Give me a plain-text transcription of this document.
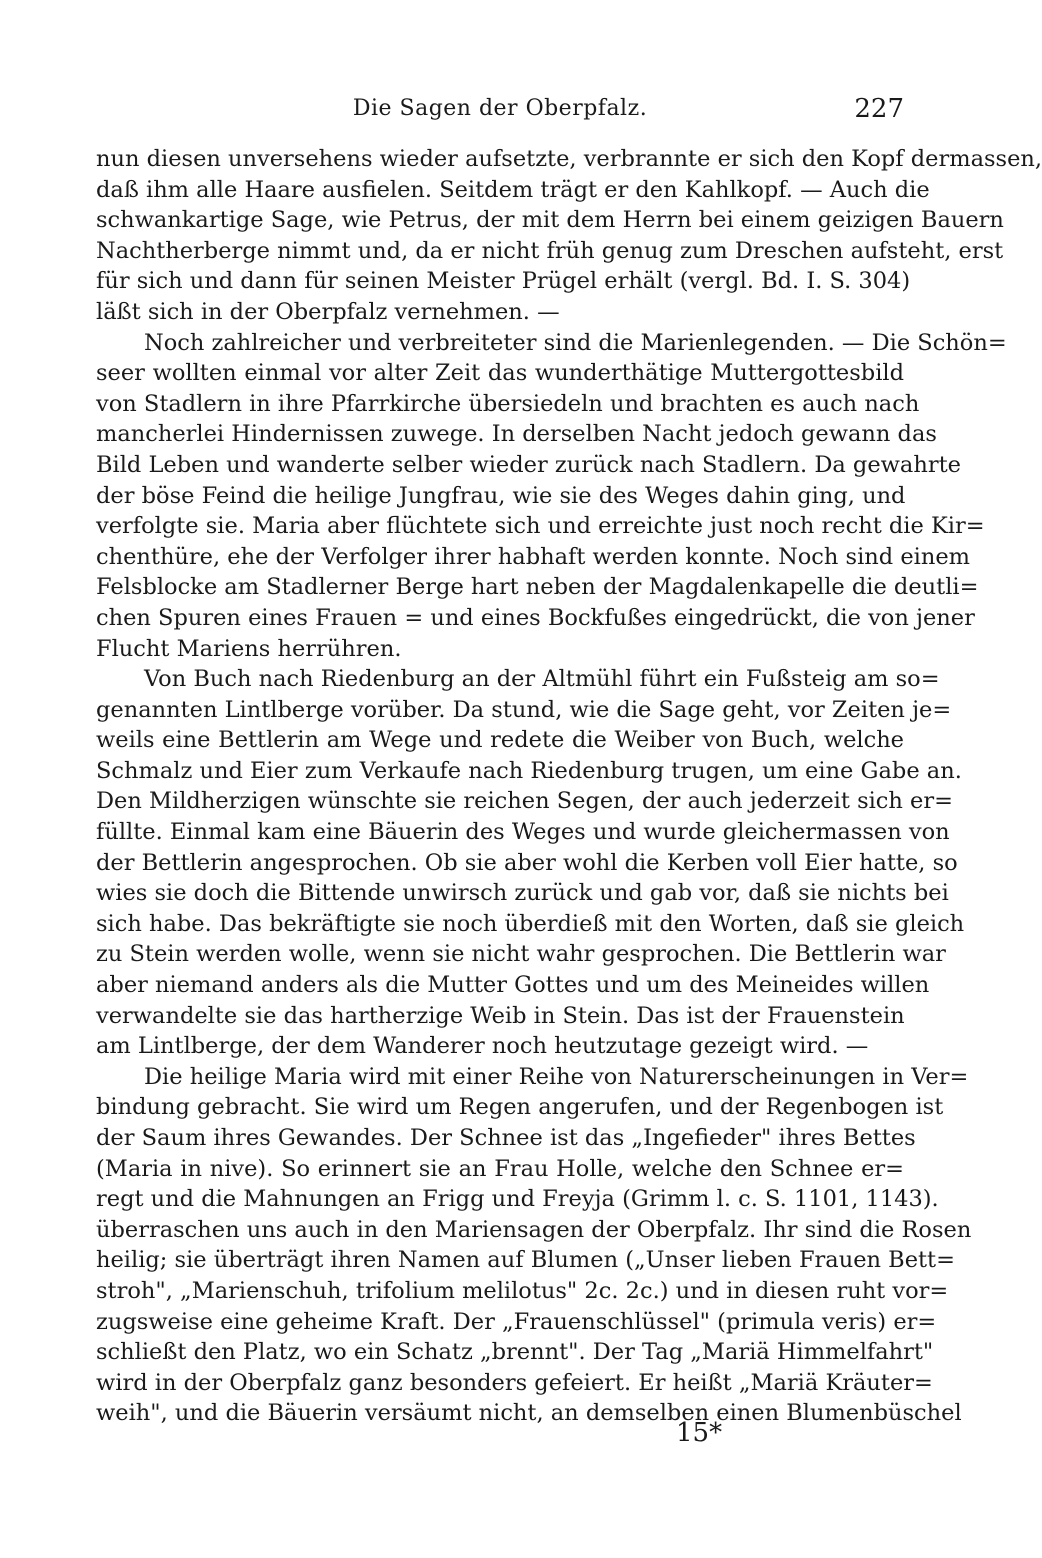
Die Sagen der Oberpfalz.	227
nun diesen unversehens wieder aufsetzte, verbrannte er sich den Kopf dermassen,
daß ihm alle Haare ausfielen. Seitdem trägt er den Kahlkopf. — Auch die
schwankartige Sage, wie Petrus, der mit dem Herrn bei einem geizigen Bauern
Nachtherberge nimmt und, da er nicht früh genug zum Dreschen aufsteht, erst
für sich und dann für seinen Meister Prügel erhält (vergl. Bd. I. S. 304)
läßt sich in der Oberpfalz vernehmen. —
Noch zahlreicher und verbreiteter sind die Marienlegenden. — Die Schön=
seer wollten einmal vor alter Zeit das wunderthätige Muttergottesbild
von Stadlern in ihre Pfarrkirche übersiedeln und brachten es auch nach
mancherlei Hindernissen zuwege. In derselben Nacht jedoch gewann das
Bild Leben und wanderte selber wieder zurück nach Stadlern. Da gewahrte
der böse Feind die heilige Jungfrau, wie sie des Weges dahin ging, und
verfolgte sie. Maria aber flüchtete sich und erreichte just noch recht die Kir=
chenthüre, ehe der Verfolger ihrer habhaft werden konnte. Noch sind einem
Felsblocke am Stadlerner Berge hart neben der Magdalenkapelle die deutli=
chen Spuren eines Frauen = und eines Bockfußes eingedrückt, die von jener
Flucht Mariens herrühren.
Von Buch nach Riedenburg an der Altmühl führt ein Fußsteig am so=
genannten Lintlberge vorüber. Da stund, wie die Sage geht, vor Zeiten je=
weils eine Bettlerin am Wege und redete die Weiber von Buch, welche
Schmalz und Eier zum Verkaufe nach Riedenburg trugen, um eine Gabe an.
Den Mildherzigen wünschte sie reichen Segen, der auch jederzeit sich er=
füllte. Einmal kam eine Bäuerin des Weges und wurde gleichermassen von
der Bettlerin angesprochen. Ob sie aber wohl die Kerben voll Eier hatte, so
wies sie doch die Bittende unwirsch zurück und gab vor, daß sie nichts bei
sich habe. Das bekräftigte sie noch überdieß mit den Worten, daß sie gleich
zu Stein werden wolle, wenn sie nicht wahr gesprochen. Die Bettlerin war
aber niemand anders als die Mutter Gottes und um des Meineides willen
verwandelte sie das hartherzige Weib in Stein. Das ist der Frauenstein
am Lintlberge, der dem Wanderer noch heutzutage gezeigt wird. —
Die heilige Maria wird mit einer Reihe von Naturerscheinungen in Ver=
bindung gebracht. Sie wird um Regen angerufen, und der Regenbogen ist
der Saum ihres Gewandes. Der Schnee ist das „Ingefieder" ihres Bettes
(Maria in nive). So erinnert sie an Frau Holle, welche den Schnee er=
regt und die Mahnungen an Frigg und Freyja (Grimm l. c. S. 1101, 1143).
überraschen uns auch in den Mariensagen der Oberpfalz. Ihr sind die Rosen
heilig; sie überträgt ihren Namen auf Blumen („Unser lieben Frauen Bett=
stroh", „Marienschuh, trifolium melilotus" 2c. 2c.) und in diesen ruht vor=
zugsweise eine geheime Kraft. Der „Frauenschlüssel" (primula veris) er=
schließt den Platz, wo ein Schatz „brennt". Der Tag „Mariä Himmelfahrt"
wird in der Oberpfalz ganz besonders gefeiert. Er heißt „Mariä Kräuter=
weih", und die Bäuerin versäumt nicht, an demselben einen Blumenbüschel
15*
